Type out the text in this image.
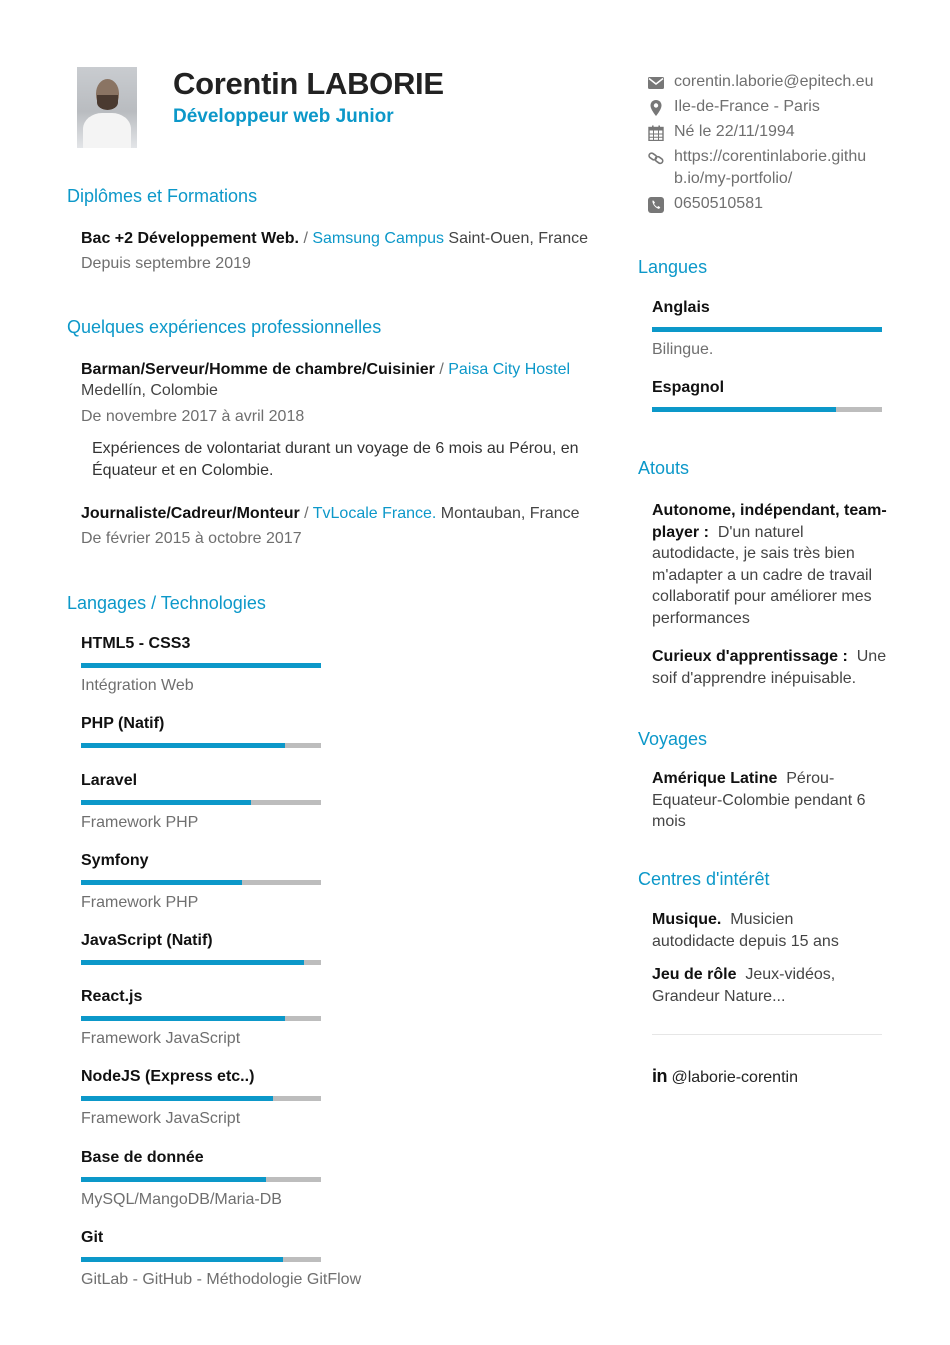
Corentin LABORIE
Développeur web Junior
corentin.laborie@epitech.eu
Ile-de-France - Paris
Né le 22/11/1994
https://corentinlaborie.githu
b.io/my-portfolio/
0650510581
Diplômes et Formations
Bac +2 Développement Web. / Samsung Campus Saint-Ouen, France
Depuis septembre 2019
Quelques expériences professionnelles
Barman/Serveur/Homme de chambre/Cuisinier / Paisa City Hostel
Medellín, Colombie
De novembre 2017 à avril 2018
Expériences de volontariat durant un voyage de 6 mois au Pérou, en
Équateur et en Colombie.
Journaliste/Cadreur/Monteur / TvLocale France. Montauban, France
De février 2015 à octobre 2017
Langages / Technologies
HTML5 - CSS3
Intégration Web
PHP (Natif)
Laravel
Framework PHP
Symfony
Framework PHP
JavaScript (Natif)
React.js
Framework JavaScript
NodeJS (Express etc..)
Framework JavaScript
Base de donnée
MySQL/MangoDB/Maria-DB
Git
GitLab - GitHub - Méthodologie GitFlow
Langues
Anglais
Bilingue.
Espagnol
Atouts
Autonome, indépendant, team-
player : D'un naturel
autodidacte, je sais très bien
m'adapter a un cadre de travail
collaboratif pour améliorer mes
performances
Curieux d'apprentissage : Une
soif d'apprendre inépuisable.
Voyages
Amérique Latine Pérou-
Equateur-Colombie pendant 6
mois
Centres d'intérêt
Musique. Musicien
autodidacte depuis 15 ans
Jeu de rôle Jeux-vidéos,
Grandeur Nature...
in @laborie-corentin
